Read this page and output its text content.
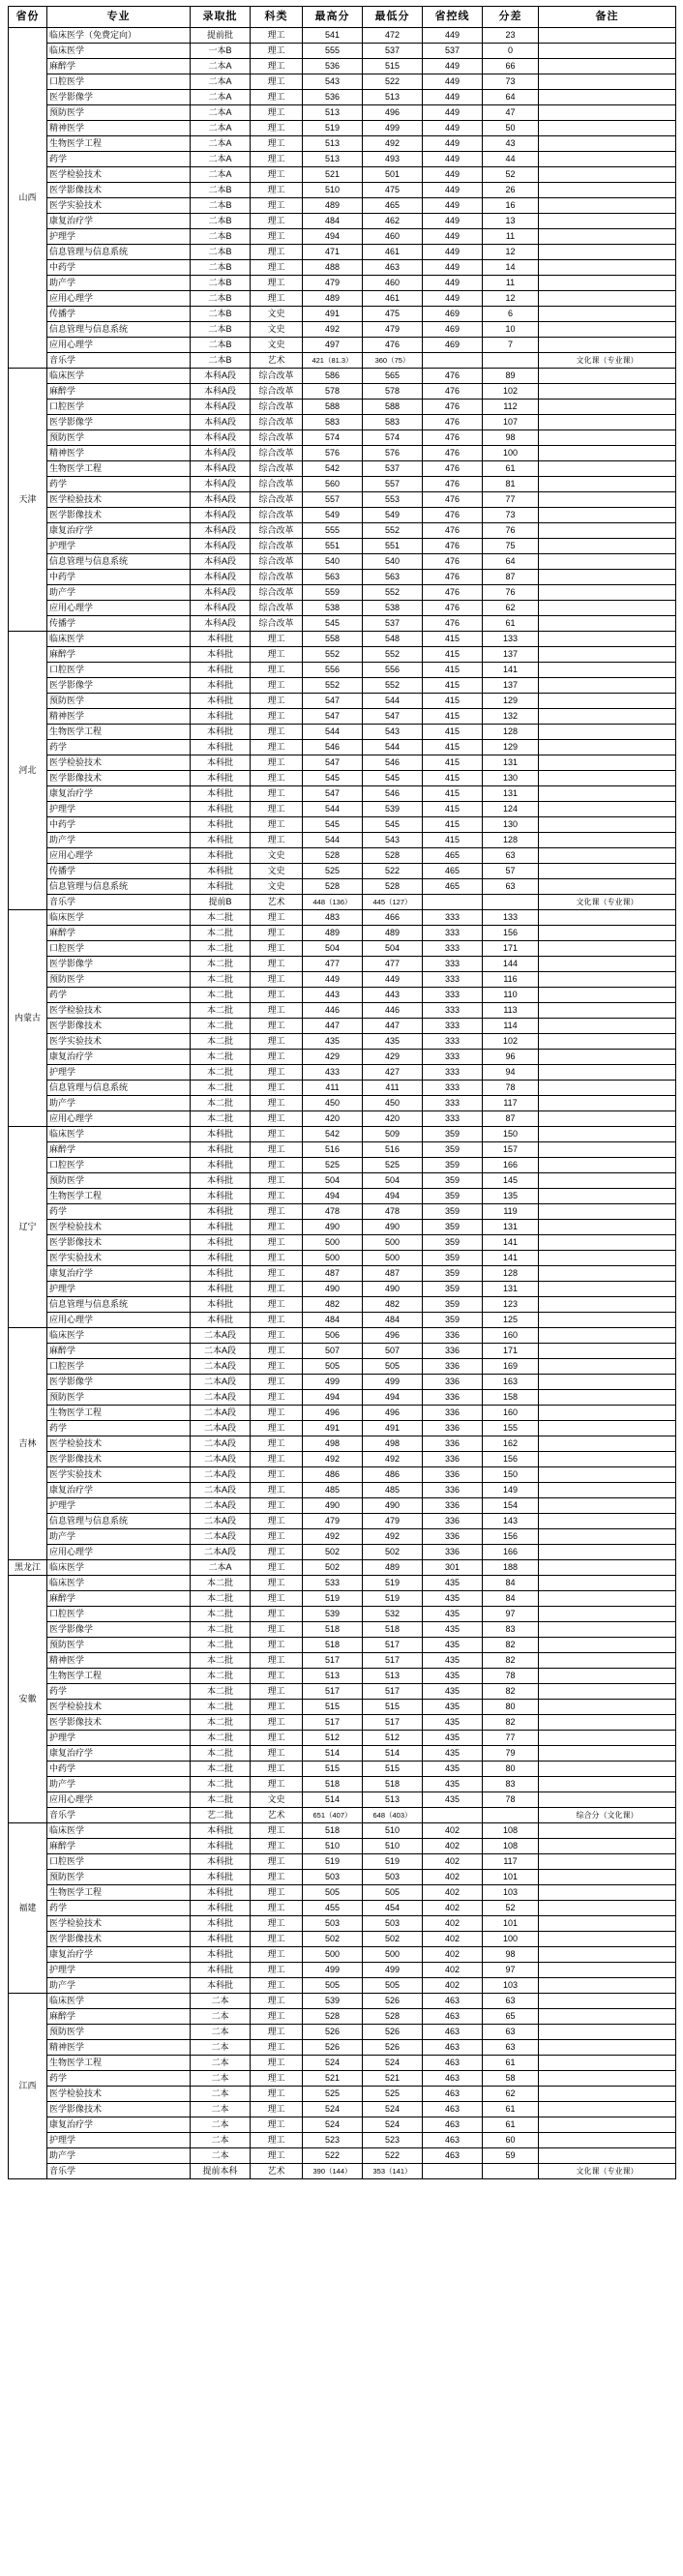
省份	专业	录取批	科类	最高分	最低分	省控线	分差	备注
山西	临床医学（免费定向）	提前批	理工	541	472	449	23	
	临床医学	一本B	理工	555	537	537	0	
	麻醉学	二本A	理工	536	515	449	66	
	口腔医学	二本A	理工	543	522	449	73	
	医学影像学	二本A	理工	536	513	449	64	
	预防医学	二本A	理工	513	496	449	47	
	精神医学	二本A	理工	519	499	449	50	
	生物医学工程	二本A	理工	513	492	449	43	
	药学	二本A	理工	513	493	449	44	
	医学检验技术	二本A	理工	521	501	449	52	
	医学影像技术	二本B	理工	510	475	449	26	
	医学实验技术	二本B	理工	489	465	449	16	
	康复治疗学	二本B	理工	484	462	449	13	
	护理学	二本B	理工	494	460	449	11	
	信息管理与信息系统	二本B	理工	471	461	449	12	
	中药学	二本B	理工	488	463	449	14	
	助产学	二本B	理工	479	460	449	11	
	应用心理学	二本B	理工	489	461	449	12	
	传播学	二本B	文史	491	475	469	6	
	信息管理与信息系统	二本B	文史	492	479	469	10	
	应用心理学	二本B	文史	497	476	469	7	
	音乐学	二本B	艺术	421（81.3）	360（75）			文化课（专业课）
天津	临床医学	本科A段	综合改革	586	565	476	89	
	麻醉学	本科A段	综合改革	578	578	476	102	
	口腔医学	本科A段	综合改革	588	588	476	112	
	医学影像学	本科A段	综合改革	583	583	476	107	
	预防医学	本科A段	综合改革	574	574	476	98	
	精神医学	本科A段	综合改革	576	576	476	100	
	生物医学工程	本科A段	综合改革	542	537	476	61	
	药学	本科A段	综合改革	560	557	476	81	
	医学检验技术	本科A段	综合改革	557	553	476	77	
	医学影像技术	本科A段	综合改革	549	549	476	73	
	康复治疗学	本科A段	综合改革	555	552	476	76	
	护理学	本科A段	综合改革	551	551	476	75	
	信息管理与信息系统	本科A段	综合改革	540	540	476	64	
	中药学	本科A段	综合改革	563	563	476	87	
	助产学	本科A段	综合改革	559	552	476	76	
	应用心理学	本科A段	综合改革	538	538	476	62	
	传播学	本科A段	综合改革	545	537	476	61	
河北	临床医学	本科批	理工	558	548	415	133	
	麻醉学	本科批	理工	552	552	415	137	
	口腔医学	本科批	理工	556	556	415	141	
	医学影像学	本科批	理工	552	552	415	137	
	预防医学	本科批	理工	547	544	415	129	
	精神医学	本科批	理工	547	547	415	132	
	生物医学工程	本科批	理工	544	543	415	128	
	药学	本科批	理工	546	544	415	129	
	医学检验技术	本科批	理工	547	546	415	131	
	医学影像技术	本科批	理工	545	545	415	130	
	康复治疗学	本科批	理工	547	546	415	131	
	护理学	本科批	理工	544	539	415	124	
	中药学	本科批	理工	545	545	415	130	
	助产学	本科批	理工	544	543	415	128	
	应用心理学	本科批	文史	528	528	465	63	
	传播学	本科批	文史	525	522	465	57	
	信息管理与信息系统	本科批	文史	528	528	465	63	
	音乐学	提前B	艺术	448（136）	445（127）			文化课（专业课）
内蒙古	临床医学	本二批	理工	483	466	333	133	
	麻醉学	本二批	理工	489	489	333	156	
	口腔医学	本二批	理工	504	504	333	171	
	医学影像学	本二批	理工	477	477	333	144	
	预防医学	本二批	理工	449	449	333	116	
	药学	本二批	理工	443	443	333	110	
	医学检验技术	本二批	理工	446	446	333	113	
	医学影像技术	本二批	理工	447	447	333	114	
	医学实验技术	本二批	理工	435	435	333	102	
	康复治疗学	本二批	理工	429	429	333	96	
	护理学	本二批	理工	433	427	333	94	
	信息管理与信息系统	本二批	理工	411	411	333	78	
	助产学	本二批	理工	450	450	333	117	
	应用心理学	本二批	理工	420	420	333	87	
辽宁	临床医学	本科批	理工	542	509	359	150	
	麻醉学	本科批	理工	516	516	359	157	
	口腔医学	本科批	理工	525	525	359	166	
	预防医学	本科批	理工	504	504	359	145	
	生物医学工程	本科批	理工	494	494	359	135	
	药学	本科批	理工	478	478	359	119	
	医学检验技术	本科批	理工	490	490	359	131	
	医学影像技术	本科批	理工	500	500	359	141	
	医学实验技术	本科批	理工	500	500	359	141	
	康复治疗学	本科批	理工	487	487	359	128	
	护理学	本科批	理工	490	490	359	131	
	信息管理与信息系统	本科批	理工	482	482	359	123	
	应用心理学	本科批	理工	484	484	359	125	
吉林	临床医学	二本A段	理工	506	496	336	160	
	麻醉学	二本A段	理工	507	507	336	171	
	口腔医学	二本A段	理工	505	505	336	169	
	医学影像学	二本A段	理工	499	499	336	163	
	预防医学	二本A段	理工	494	494	336	158	
	生物医学工程	二本A段	理工	496	496	336	160	
	药学	二本A段	理工	491	491	336	155	
	医学检验技术	二本A段	理工	498	498	336	162	
	医学影像技术	二本A段	理工	492	492	336	156	
	医学实验技术	二本A段	理工	486	486	336	150	
	康复治疗学	二本A段	理工	485	485	336	149	
	护理学	二本A段	理工	490	490	336	154	
	信息管理与信息系统	二本A段	理工	479	479	336	143	
	助产学	二本A段	理工	492	492	336	156	
	应用心理学	二本A段	理工	502	502	336	166	
黑龙江	临床医学	二本A	理工	502	489	301	188	
安徽	临床医学	本二批	理工	533	519	435	84	
	麻醉学	本二批	理工	519	519	435	84	
	口腔医学	本二批	理工	539	532	435	97	
	医学影像学	本二批	理工	518	518	435	83	
	预防医学	本二批	理工	518	517	435	82	
	精神医学	本二批	理工	517	517	435	82	
	生物医学工程	本二批	理工	513	513	435	78	
	药学	本二批	理工	517	517	435	82	
	医学检验技术	本二批	理工	515	515	435	80	
	医学影像技术	本二批	理工	517	517	435	82	
	护理学	本二批	理工	512	512	435	77	
	康复治疗学	本二批	理工	514	514	435	79	
	中药学	本二批	理工	515	515	435	80	
	助产学	本二批	理工	518	518	435	83	
	应用心理学	本二批	文史	514	513	435	78	
	音乐学	艺二批	艺术	651（407）	648（403）			综合分（文化课）
福建	临床医学	本科批	理工	518	510	402	108	
	麻醉学	本科批	理工	510	510	402	108	
	口腔医学	本科批	理工	519	519	402	117	
	预防医学	本科批	理工	503	503	402	101	
	生物医学工程	本科批	理工	505	505	402	103	
	药学	本科批	理工	455	454	402	52	
	医学检验技术	本科批	理工	503	503	402	101	
	医学影像技术	本科批	理工	502	502	402	100	
	康复治疗学	本科批	理工	500	500	402	98	
	护理学	本科批	理工	499	499	402	97	
	助产学	本科批	理工	505	505	402	103	
江西	临床医学	二本	理工	539	526	463	63	
	麻醉学	二本	理工	528	528	463	65	
	预防医学	二本	理工	526	526	463	63	
	精神医学	二本	理工	526	526	463	63	
	生物医学工程	二本	理工	524	524	463	61	
	药学	二本	理工	521	521	463	58	
	医学检验技术	二本	理工	525	525	463	62	
	医学影像技术	二本	理工	524	524	463	61	
	康复治疗学	二本	理工	524	524	463	61	
	护理学	二本	理工	523	523	463	60	
	助产学	二本	理工	522	522	463	59	
	音乐学	提前本科	艺术	390（144）	353（141）			文化课（专业课）
